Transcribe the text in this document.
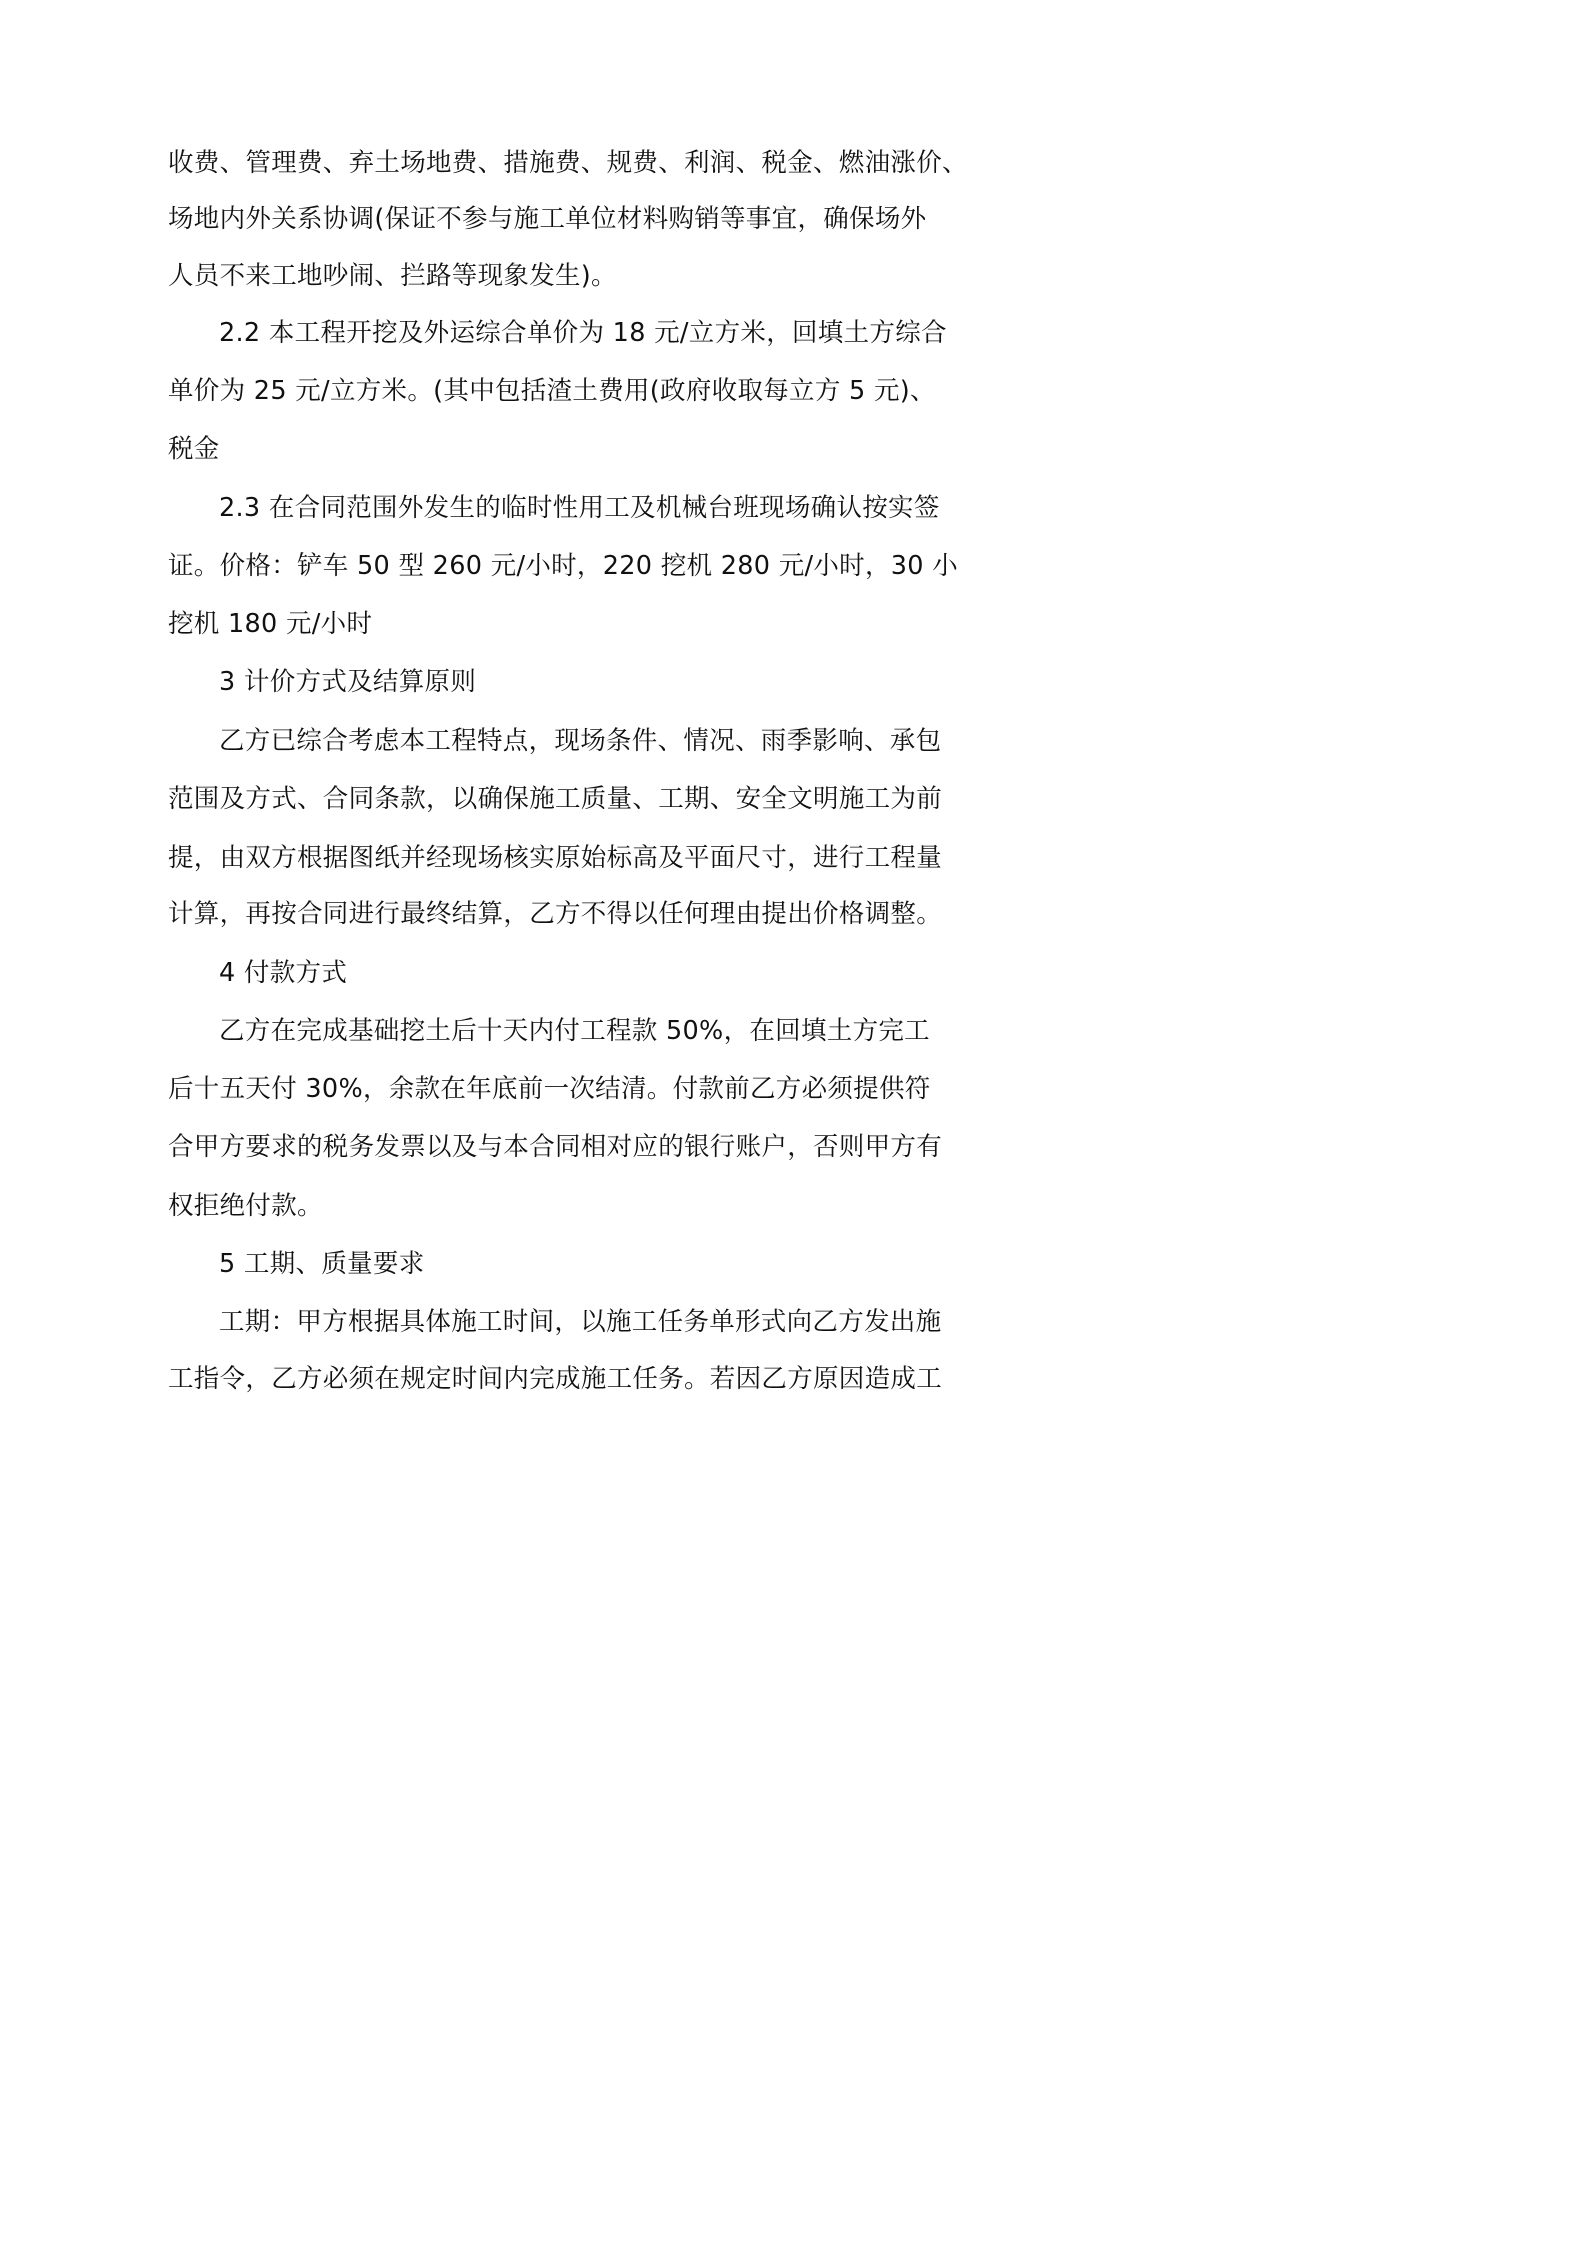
收费、管理费、弃土场地费、措施费、规费、利润、税金、燃油涨价、
场地内外关系协调(保证不参与施工单位材料购销等事宜，确保场外
人员不来工地吵闹、拦路等现象发生)。
2.2 本工程开挖及外运综合单价为 18 元/立方米，回填土方综合
单价为 25 元/立方米。(其中包括渣土费用(政府收取每立方 5 元)、
税金
2.3 在合同范围外发生的临时性用工及机械台班现场确认按实签
证。价格：铲车 50 型 260 元/小时，220 挖机 280 元/小时，30 小
挖机 180 元/小时
3 计价方式及结算原则
乙方已综合考虑本工程特点，现场条件、情况、雨季影响、承包
范围及方式、合同条款，以确保施工质量、工期、安全文明施工为前
提，由双方根据图纸并经现场核实原始标高及平面尺寸，进行工程量
计算，再按合同进行最终结算，乙方不得以任何理由提出价格调整。
4 付款方式
乙方在完成基础挖土后十天内付工程款 50%，在回填土方完工
后十五天付 30%，余款在年底前一次结清。付款前乙方必须提供符
合甲方要求的税务发票以及与本合同相对应的银行账户，否则甲方有
权拒绝付款。
5 工期、质量要求
工期：甲方根据具体施工时间，以施工任务单形式向乙方发出施
工指令，乙方必须在规定时间内完成施工任务。若因乙方原因造成工
